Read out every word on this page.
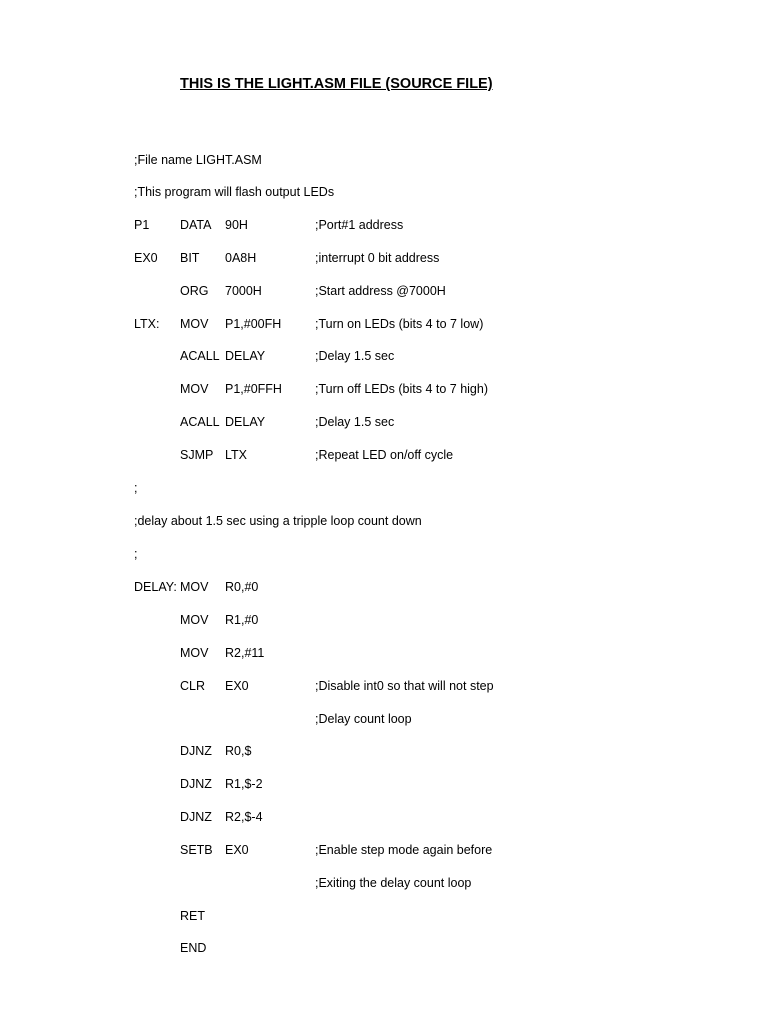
THIS IS THE LIGHT.ASM FILE (SOURCE FILE)
;File name LIGHT.ASM
;This program will flash output LEDs
P1 DATA 90H	;Port#1 address
EX0 BIT 0A8H	;interrupt 0 bit address
ORG 7000H	;Start address @7000H
LTX: MOV P1,#00FH	;Turn on LEDs (bits 4 to 7 low)
ACALL DELAY	;Delay 1.5 sec
MOV P1,#0FFH	;Turn off LEDs (bits 4 to 7 high)
ACALL DELAY	;Delay 1.5 sec
SJMP LTX	;Repeat LED on/off cycle
;
;delay about 1.5 sec using a tripple loop count down
;
DELAY: MOV R0,#0
MOV R1,#0
MOV R2,#11
CLR EX0	;Disable int0 so that will not step
;Delay count loop
DJNZ R0,$
DJNZ R1,$-2
DJNZ R2,$-4
SETB EX0	;Enable step mode again before
;Exiting the delay count loop
RET
END
